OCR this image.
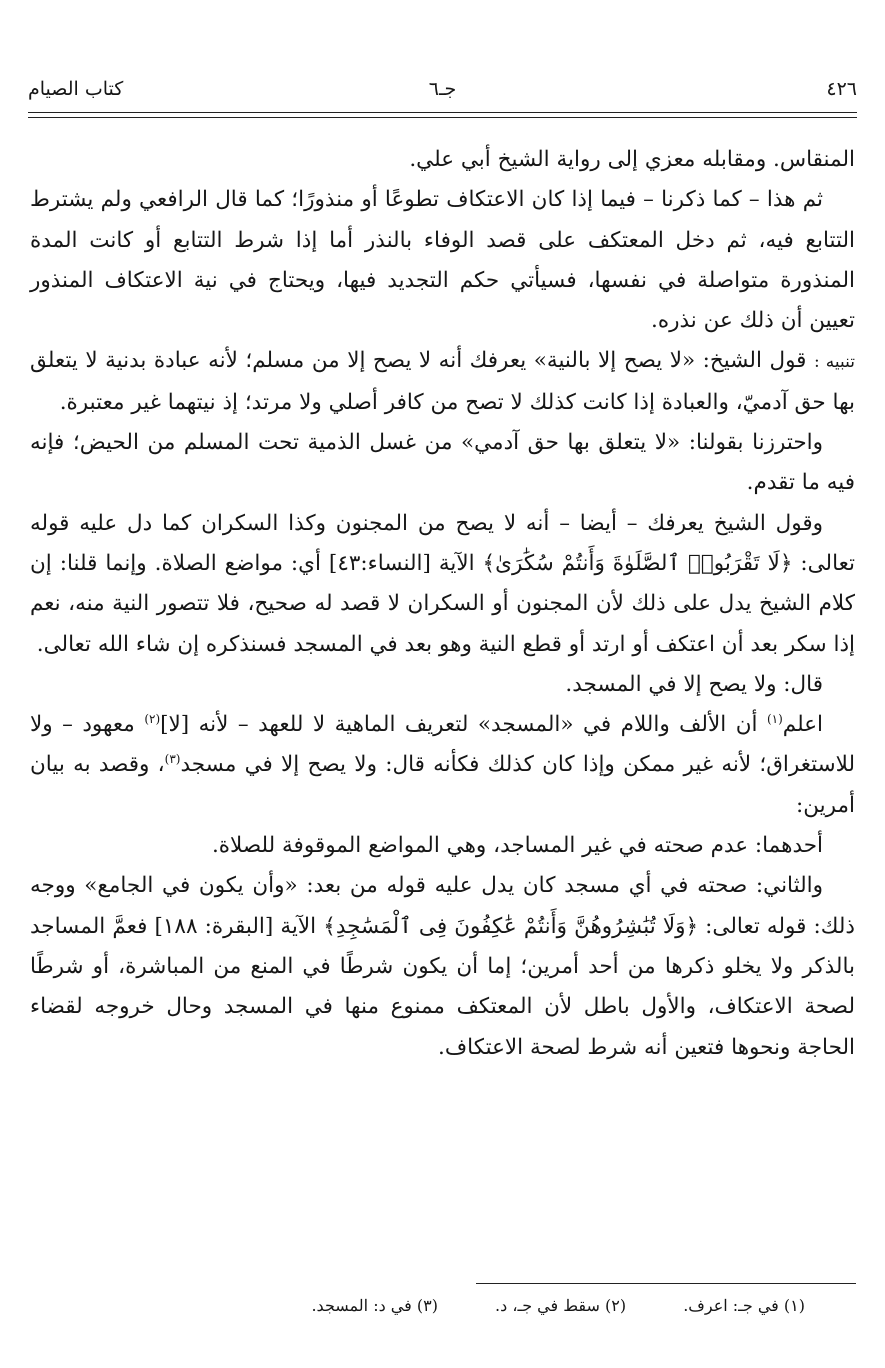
٤٢٦
جـ٦
كتاب الصيام

المنقاس. ومقابله معزي إلى رواية الشيخ أبي علي.

ثم هذا – كما ذكرنا – فيما إذا كان الاعتكاف تطوعًا أو منذورًا؛ كما قال الرافعي ولم يشترط التتابع فيه، ثم دخل المعتكف على قصد الوفاء بالنذر أما إذا شرط التتابع أو كانت المدة المنذورة متواصلة في نفسها، فسيأتي حكم التجديد فيها، ويحتاج في نية الاعتكاف المنذور تعيين أن ذلك عن نذره.

تنبيه : قول الشيخ: «لا يصح إلا بالنية» يعرفك أنه لا يصح إلا من مسلم؛ لأنه عبادة بدنية لا يتعلق بها حق آدميّ، والعبادة إذا كانت كذلك لا تصح من كافر أصلي ولا مرتد؛ إذ نيتهما غير معتبرة.

واحترزنا بقولنا: «لا يتعلق بها حق آدمي» من غسل الذمية تحت المسلم من الحيض؛ فإنه فيه ما تقدم.

وقول الشيخ يعرفك – أيضا – أنه لا يصح من المجنون وكذا السكران كما دل عليه قوله تعالى: ﴿لَا تَقْرَبُوا۟ ٱلصَّلَوٰةَ وَأَنتُمْ سُكَٰرَىٰ﴾ الآية [النساء:٤٣] أي: مواضع الصلاة. وإنما قلنا: إن كلام الشيخ يدل على ذلك لأن المجنون أو السكران لا قصد له صحيح، فلا تتصور النية منه، نعم إذا سكر بعد أن اعتكف أو ارتد أو قطع النية وهو بعد في المسجد فسنذكره إن شاء الله تعالى.

قال: ولا يصح إلا في المسجد.

اعلم$^{(١)}$ أن الألف واللام في «المسجد» لتعريف الماهية لا للعهد – لأنه [لا]$^{(٢)}$ معهود – ولا للاستغراق؛ لأنه غير ممكن وإذا كان كذلك فكأنه قال: ولا يصح إلا في مسجد$^{(٣)}$، وقصد به بيان أمرين:

أحدهما: عدم صحته في غير المساجد، وهي المواضع الموقوفة للصلاة.

والثاني: صحته في أي مسجد كان يدل عليه قوله من بعد: «وأن يكون في الجامع» ووجه ذلك: قوله تعالى: ﴿وَلَا تُبَٰشِرُوهُنَّ وَأَنتُمْ عَٰكِفُونَ فِى ٱلْمَسَٰجِدِ﴾ الآية [البقرة: ١٨٨] فعمَّ المساجد بالذكر ولا يخلو ذكرها من أحد أمرين؛ إما أن يكون شرطًا في المنع من المباشرة، أو شرطًا لصحة الاعتكاف، والأول باطل لأن المعتكف ممنوع منها في المسجد وحال خروجه لقضاء الحاجة ونحوها فتعين أنه شرط لصحة الاعتكاف.

(١) في جـ: اعرف. (٢) سقط في جـ، د. (٣) في د: المسجد.
